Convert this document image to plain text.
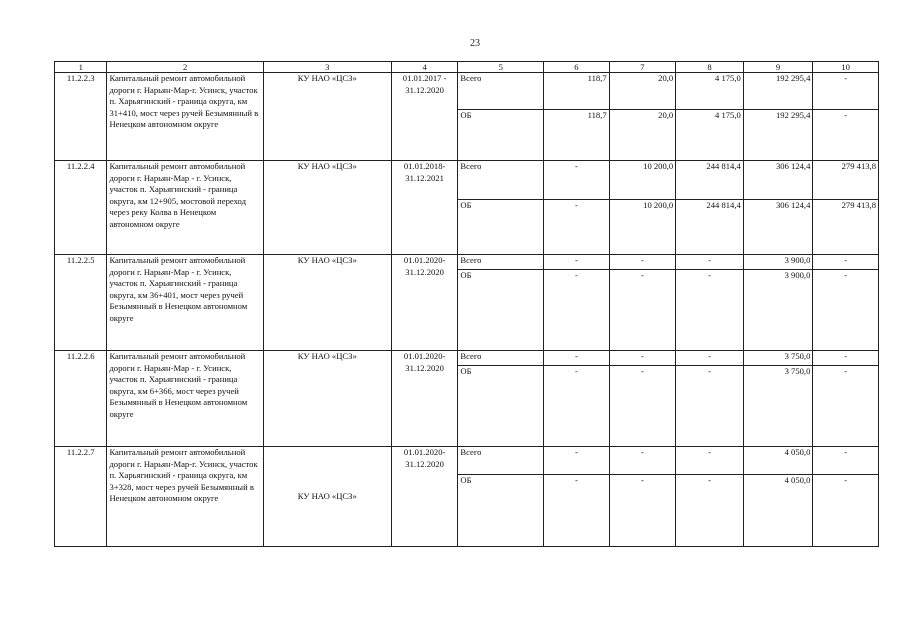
23
1	2	3	4	5	6	7	8	9	10
11.2.2.3	Капитальный ремонт автомобильной дороги г. Нарьян-Мар-г. Усинск, участок п. Харьягинский - граница округа, км 31+410, мост через ручей Безымянный в Ненецком автономном округе	КУ НАО «ЦСЗ»	01.01.2017 - 31.12.2020	Всего	118,7	20,0	4 175,0	192 295,4	-
				ОБ	118,7	20,0	4 175,0	192 295,4	-
11.2.2.4	Капитальный ремонт автомобильной дороги г. Нарьян-Мар - г. Усинск, участок п. Харьягинский - граница округа, км 12+905, мостовой переход через реку Колва в Ненецком автономном округе	КУ НАО «ЦСЗ»	01.01.2018- 31.12.2021	Всего	-	10 200,0	244 814,4	306 124,4	279 413,8
				ОБ	-	10 200,0	244 814,4	306 124,4	279 413,8
11.2.2.5	Капитальный ремонт автомобильной дороги г. Нарьян-Мар - г. Усинск, участок п. Харьягинский - граница округа, км 36+401, мост через ручей Безымянный в Ненецком автономном округе	КУ НАО «ЦСЗ»	01.01.2020- 31.12.2020	Всего	-	-	-	3 900,0	-
				ОБ	-	-	-	3 900,0	-
11.2.2.6	Капитальный ремонт автомобильной дороги г. Нарьян-Мар - г. Усинск, участок п. Харьягинский - граница округа, км 6+366, мост через ручей Безымянный в Ненецком автономном округе	КУ НАО «ЦСЗ»	01.01.2020- 31.12.2020	Всего	-	-	-	3 750,0	-
				ОБ	-	-	-	3 750,0	-
11.2.2.7	Капитальный ремонт автомобильной дороги г. Нарьян-Мар-г. Усинск, участок п. Харьягинский - граница округа, км 3+328, мост через ручей Безымянный в Ненецком автономном округе	КУ НАО «ЦСЗ»	01.01.2020- 31.12.2020	Всего	-	-	-	4 050,0	-
				ОБ	-	-	-	4 050,0	-
